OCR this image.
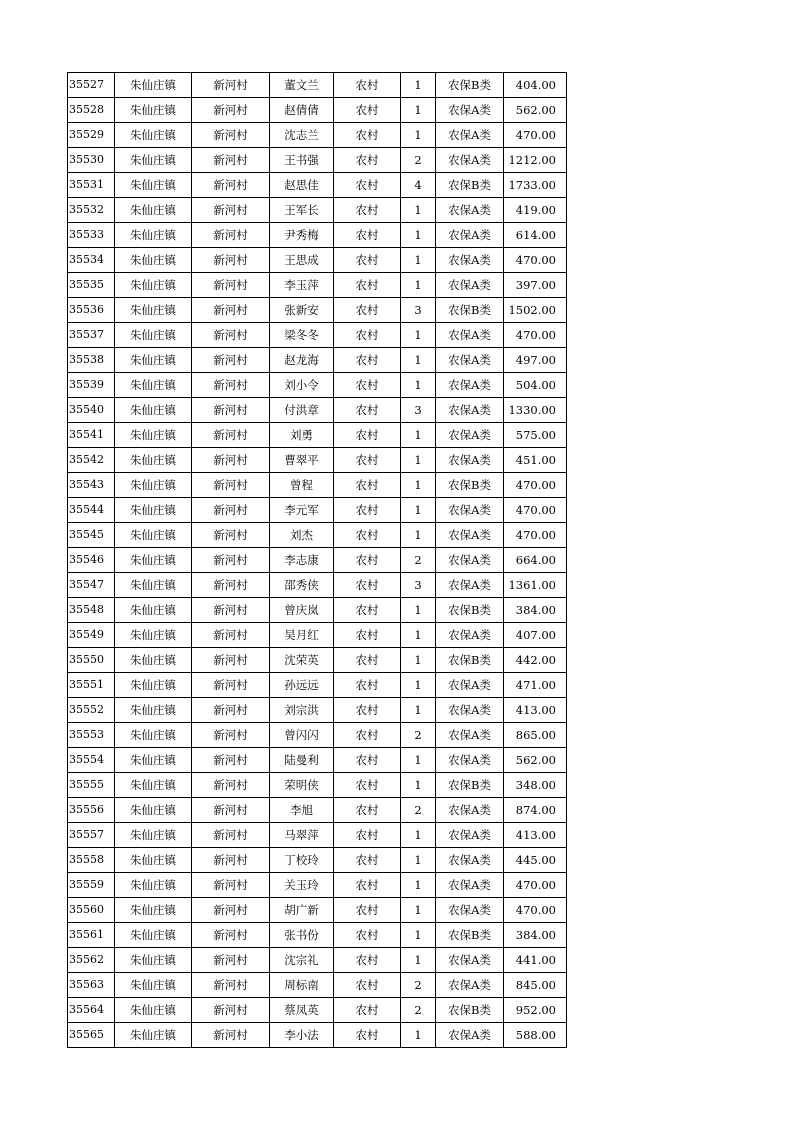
35527	朱仙庄镇	新河村	董文兰	农村	1	农保B类	404.00
35528	朱仙庄镇	新河村	赵倩倩	农村	1	农保A类	562.00
35529	朱仙庄镇	新河村	沈志兰	农村	1	农保A类	470.00
35530	朱仙庄镇	新河村	王书强	农村	2	农保A类	1212.00
35531	朱仙庄镇	新河村	赵思佳	农村	4	农保B类	1733.00
35532	朱仙庄镇	新河村	王军长	农村	1	农保A类	419.00
35533	朱仙庄镇	新河村	尹秀梅	农村	1	农保A类	614.00
35534	朱仙庄镇	新河村	王思成	农村	1	农保A类	470.00
35535	朱仙庄镇	新河村	李玉萍	农村	1	农保A类	397.00
35536	朱仙庄镇	新河村	张新安	农村	3	农保B类	1502.00
35537	朱仙庄镇	新河村	梁冬冬	农村	1	农保A类	470.00
35538	朱仙庄镇	新河村	赵龙海	农村	1	农保A类	497.00
35539	朱仙庄镇	新河村	刘小令	农村	1	农保A类	504.00
35540	朱仙庄镇	新河村	付洪章	农村	3	农保A类	1330.00
35541	朱仙庄镇	新河村	刘勇	农村	1	农保A类	575.00
35542	朱仙庄镇	新河村	曹翠平	农村	1	农保A类	451.00
35543	朱仙庄镇	新河村	曾程	农村	1	农保B类	470.00
35544	朱仙庄镇	新河村	李元军	农村	1	农保A类	470.00
35545	朱仙庄镇	新河村	刘杰	农村	1	农保A类	470.00
35546	朱仙庄镇	新河村	李志康	农村	2	农保A类	664.00
35547	朱仙庄镇	新河村	邵秀侠	农村	3	农保A类	1361.00
35548	朱仙庄镇	新河村	曾庆岚	农村	1	农保B类	384.00
35549	朱仙庄镇	新河村	吴月红	农村	1	农保A类	407.00
35550	朱仙庄镇	新河村	沈荣英	农村	1	农保B类	442.00
35551	朱仙庄镇	新河村	孙远远	农村	1	农保A类	471.00
35552	朱仙庄镇	新河村	刘宗洪	农村	1	农保A类	413.00
35553	朱仙庄镇	新河村	曾闪闪	农村	2	农保A类	865.00
35554	朱仙庄镇	新河村	陆曼利	农村	1	农保A类	562.00
35555	朱仙庄镇	新河村	荣明侠	农村	1	农保B类	348.00
35556	朱仙庄镇	新河村	李旭	农村	2	农保A类	874.00
35557	朱仙庄镇	新河村	马翠萍	农村	1	农保A类	413.00
35558	朱仙庄镇	新河村	丁校玲	农村	1	农保A类	445.00
35559	朱仙庄镇	新河村	关玉玲	农村	1	农保A类	470.00
35560	朱仙庄镇	新河村	胡广新	农村	1	农保A类	470.00
35561	朱仙庄镇	新河村	张书份	农村	1	农保B类	384.00
35562	朱仙庄镇	新河村	沈宗礼	农村	1	农保A类	441.00
35563	朱仙庄镇	新河村	周标南	农村	2	农保A类	845.00
35564	朱仙庄镇	新河村	蔡凤英	农村	2	农保B类	952.00
35565	朱仙庄镇	新河村	李小法	农村	1	农保A类	588.00
